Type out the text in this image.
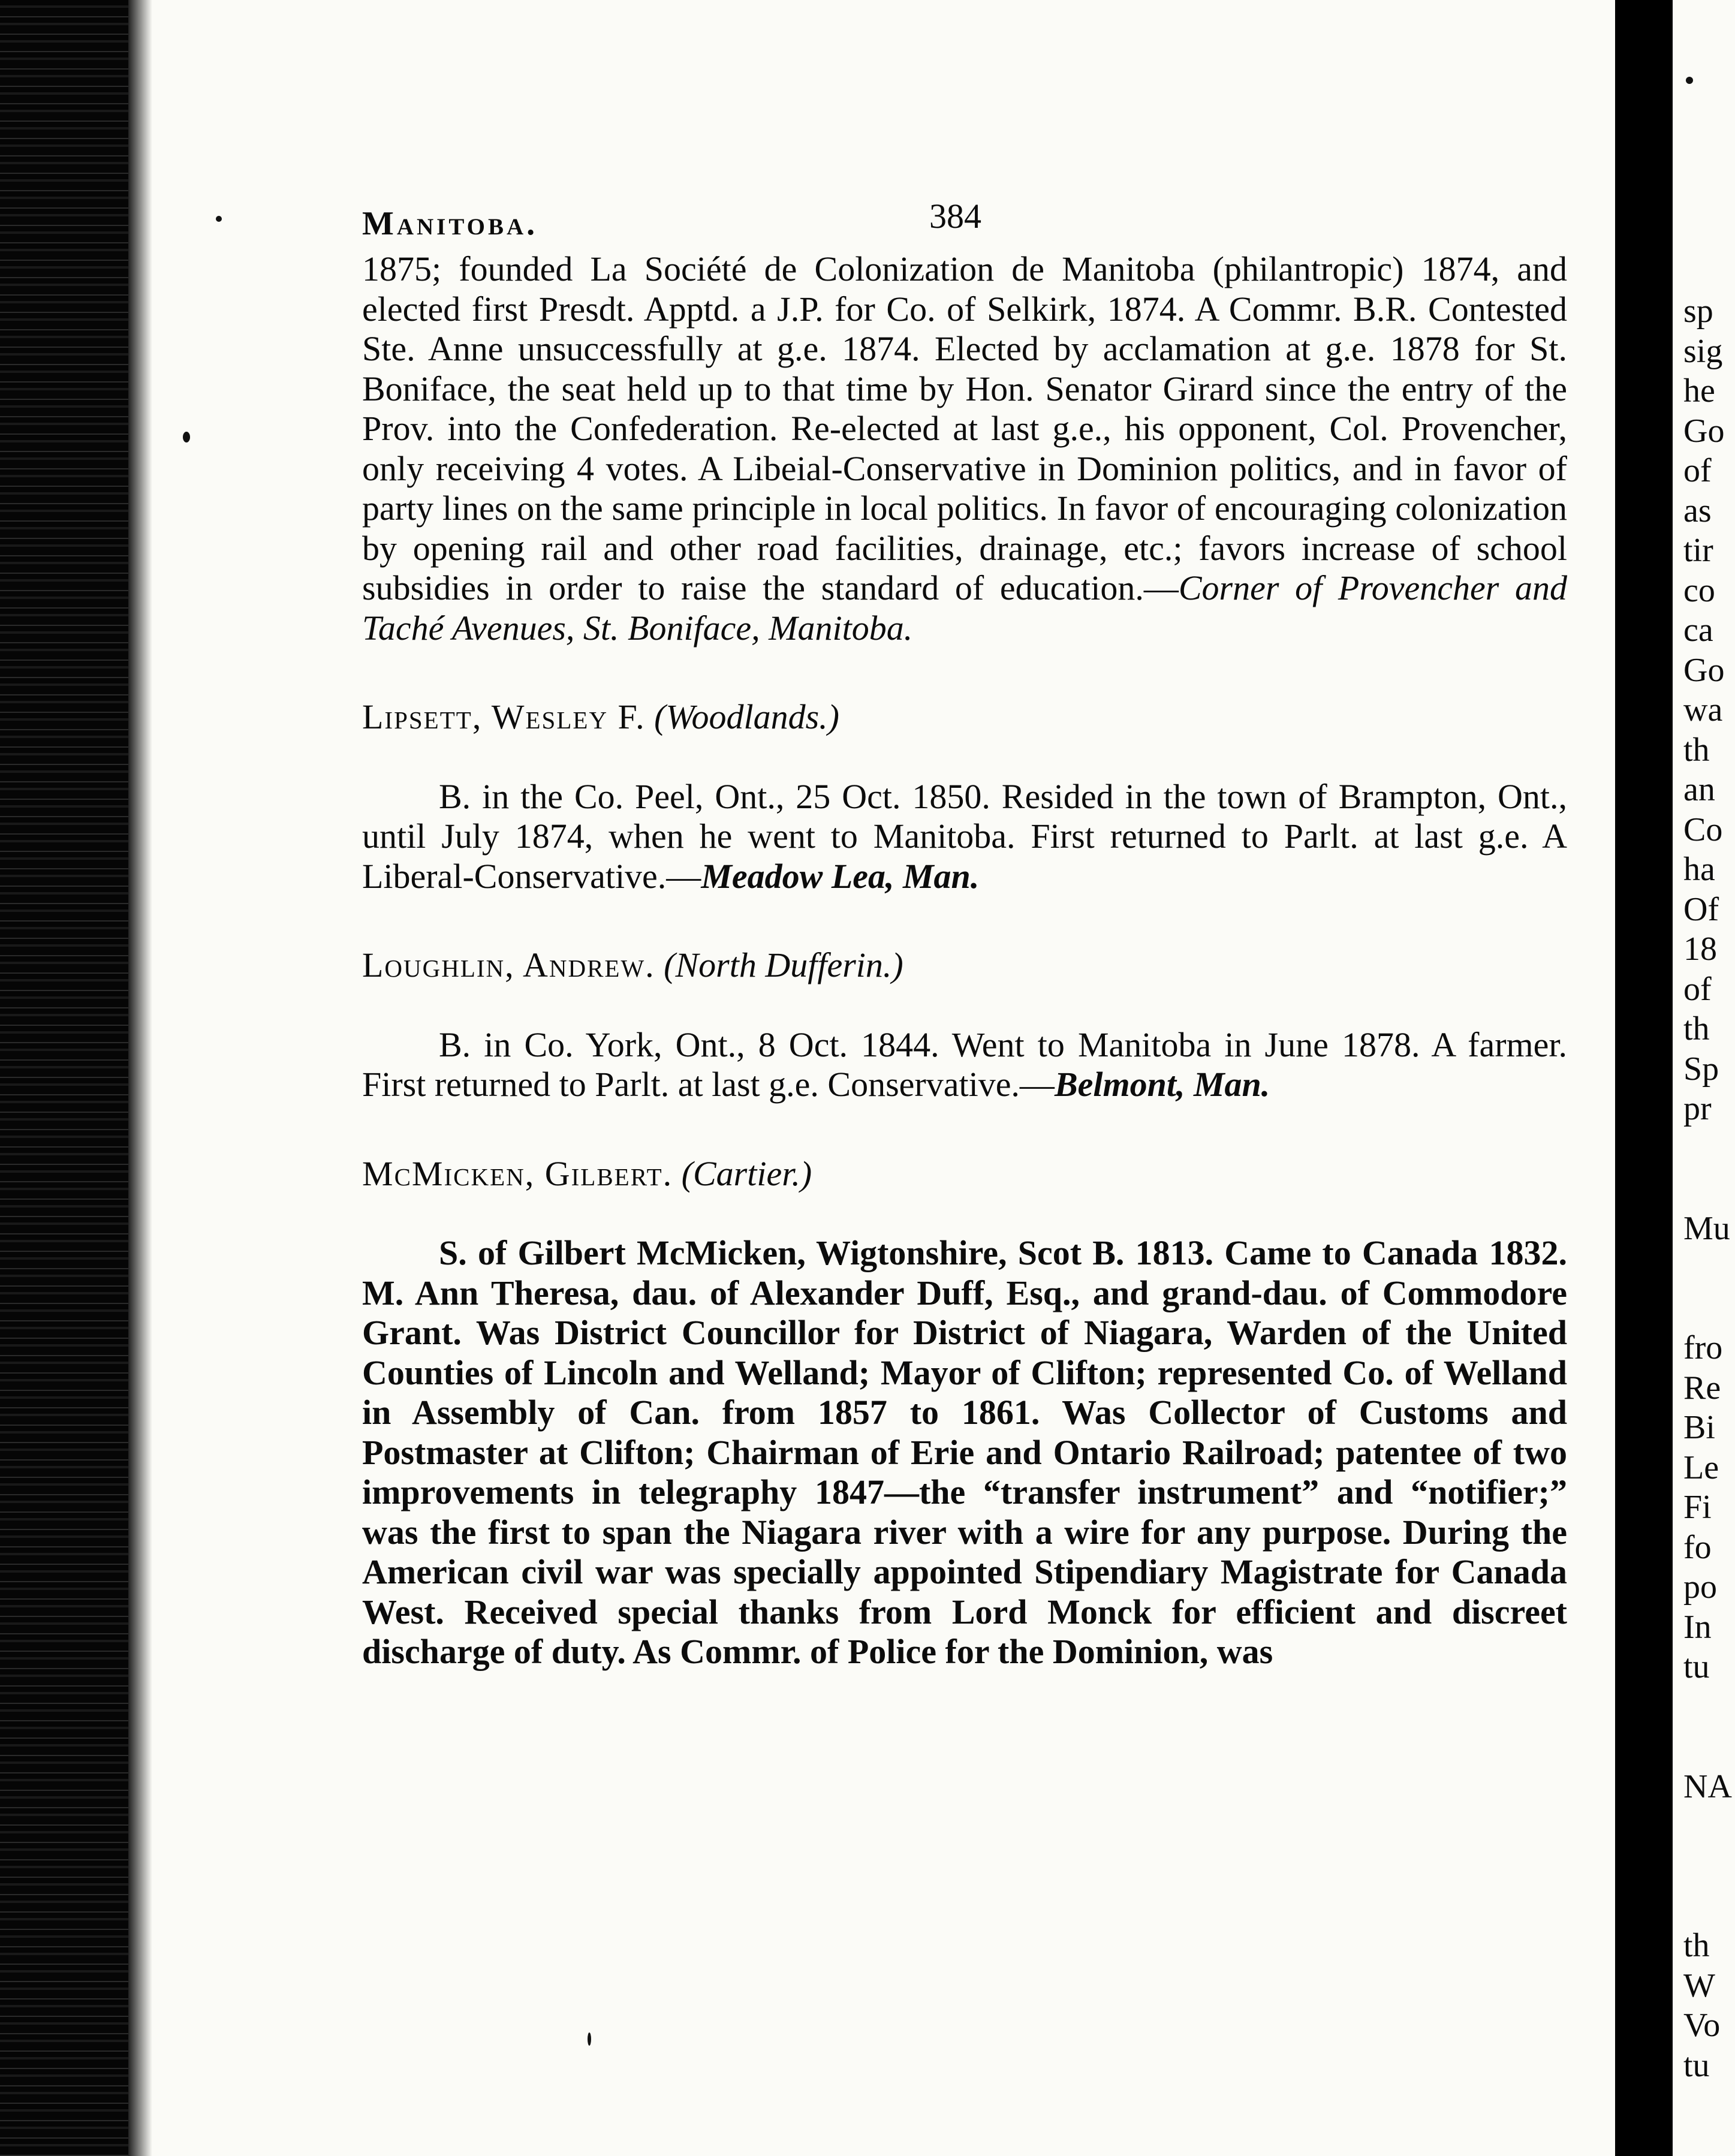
sp
sig
he
Go
of
as
tir
co
ca
Go
wa
th
an
Co
ha
Of
18
of
th
Sp
pr
Mu
fro
Re
Bi
Le
Fi
fo
po
In
tu
NA
th
W
Vo
tu
Manitoba.	384

1875; founded La Société de Colonization de Manitoba (philantropic) 1874, and elected first Presdt. Apptd. a J.P. for Co. of Selkirk, 1874. A Commr. B.R. Contested Ste. Anne unsuccessfully at g.e. 1874. Elected by acclamation at g.e. 1878 for St. Boniface, the seat held up to that time by Hon. Senator Girard since the entry of the Prov. into the Confederation. Re-elected at last g.e., his opponent, Col. Provencher, only receiving 4 votes. A Libeial-Conservative in Dominion politics, and in favor of party lines on the same principle in local politics. In favor of encouraging colonization by opening rail and other road facilities, drainage, etc.; favors increase of school subsidies in order to raise the standard of education.—Corner of Provencher and Taché Avenues, St. Boniface, Manitoba.

Lipsett, Wesley F. (Woodlands.)

B. in the Co. Peel, Ont., 25 Oct. 1850. Resided in the town of Brampton, Ont., until July 1874, when he went to Manitoba. First returned to Parlt. at last g.e. A Liberal-Conservative.—Meadow Lea, Man.

Loughlin, Andrew. (North Dufferin.)

B. in Co. York, Ont., 8 Oct. 1844. Went to Manitoba in June 1878. A farmer. First returned to Parlt. at last g.e. Conservative.—Belmont, Man.

McMicken, Gilbert. (Cartier.)

S. of Gilbert McMicken, Wigtonshire, Scot B. 1813. Came to Canada 1832. M. Ann Theresa, dau. of Alexander Duff, Esq., and grand-dau. of Commodore Grant. Was District Councillor for District of Niagara, Warden of the United Counties of Lincoln and Welland; Mayor of Clifton; represented Co. of Welland in Assembly of Can. from 1857 to 1861. Was Collector of Customs and Postmaster at Clifton; Chairman of Erie and Ontario Railroad; patentee of two improvements in telegraphy 1847—the “transfer instrument” and “notifier;” was the first to span the Niagara river with a wire for any purpose. During the American civil war was specially appointed Stipendiary Magistrate for Canada West. Received special thanks from Lord Monck for efficient and discreet discharge of duty. As Commr. of Police for the Dominion, was
